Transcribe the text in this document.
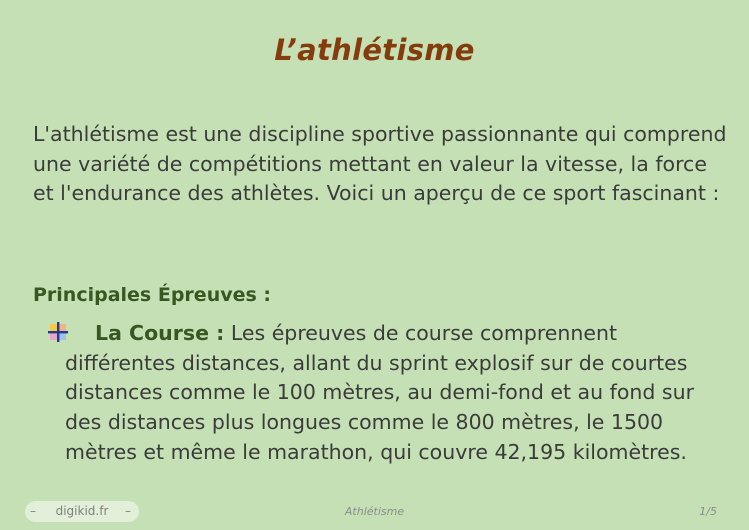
L’athlétisme
L'athlétisme est une discipline sportive passionnante qui comprend une variété de compétitions mettant en valeur la vitesse, la force et l'endurance des athlètes. Voici un aperçu de ce sport fascinant :
Principales Épreuves :
La Course : Les épreuves de course comprennent différentes distances, allant du sprint explosif sur de courtes distances comme le 100 mètres, au demi-fond et au fond sur des distances plus longues comme le 800 mètres, le 1500 mètres et même le marathon, qui couvre 42,195 kilomètres.
– digikid.fr –	Athlétisme	1/5
